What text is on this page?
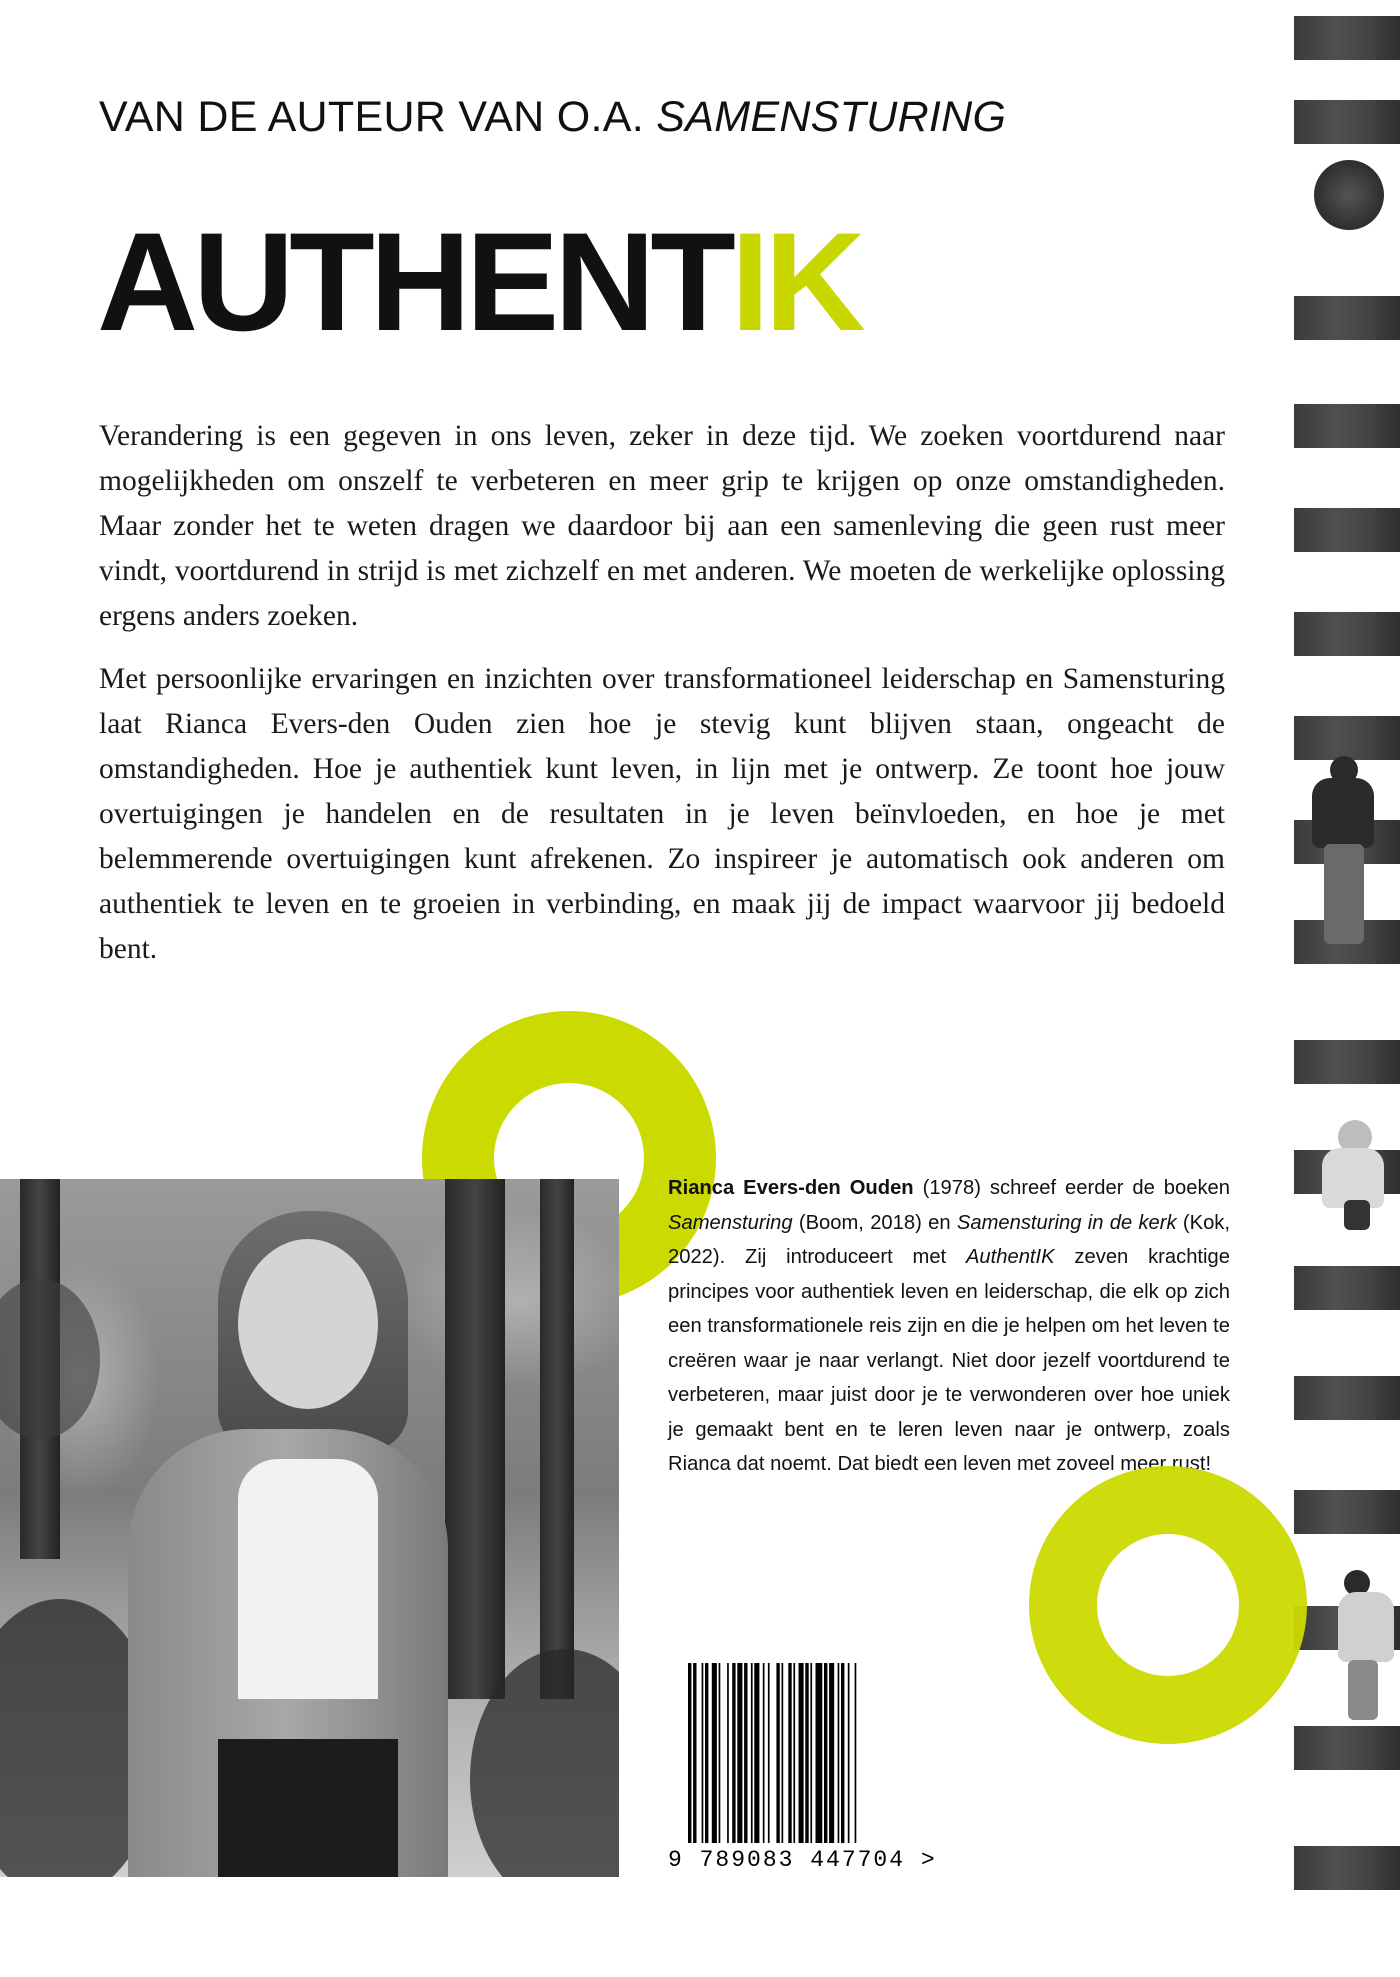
VAN DE AUTEUR VAN O.A. SAMENSTURING
AUTHENTIK

Verandering is een gegeven in ons leven, zeker in deze tijd. We zoeken voortdurend naar mogelijkheden om onszelf te verbeteren en meer grip te krijgen op onze omstandigheden. Maar zonder het te weten dragen we daardoor bij aan een samenleving die geen rust meer vindt, voortdurend in strijd is met zichzelf en met anderen. We moeten de werkelijke oplossing ergens anders zoeken.

Met persoonlijke ervaringen en inzichten over transformationeel leiderschap en Samensturing laat Rianca Evers-den Ouden zien hoe je stevig kunt blijven staan, ongeacht de omstandigheden. Hoe je authentiek kunt leven, in lijn met je ontwerp. Ze toont hoe jouw overtuigingen je handelen en de resultaten in je leven beïnvloeden, en hoe je met belemmerende overtuigingen kunt afrekenen. Zo inspireer je automatisch ook anderen om authentiek te leven en te groeien in verbinding, en maak jij de impact waarvoor jij bedoeld bent.

Rianca Evers-den Ouden (1978) schreef eerder de boeken Samensturing (Boom, 2018) en Samensturing in de kerk (Kok, 2022). Zij introduceert met AuthentIK zeven krachtige principes voor authentiek leven en leiderschap, die elk op zich een transformationele reis zijn en die je helpen om het leven te creëren waar je naar verlangt. Niet door jezelf voortdurend te verbeteren, maar juist door je te verwonderen over hoe uniek je gemaakt bent en te leren leven naar je ontwerp, zoals Rianca dat noemt. Dat biedt een leven met zoveel meer rust!

9 789083 447704 >
